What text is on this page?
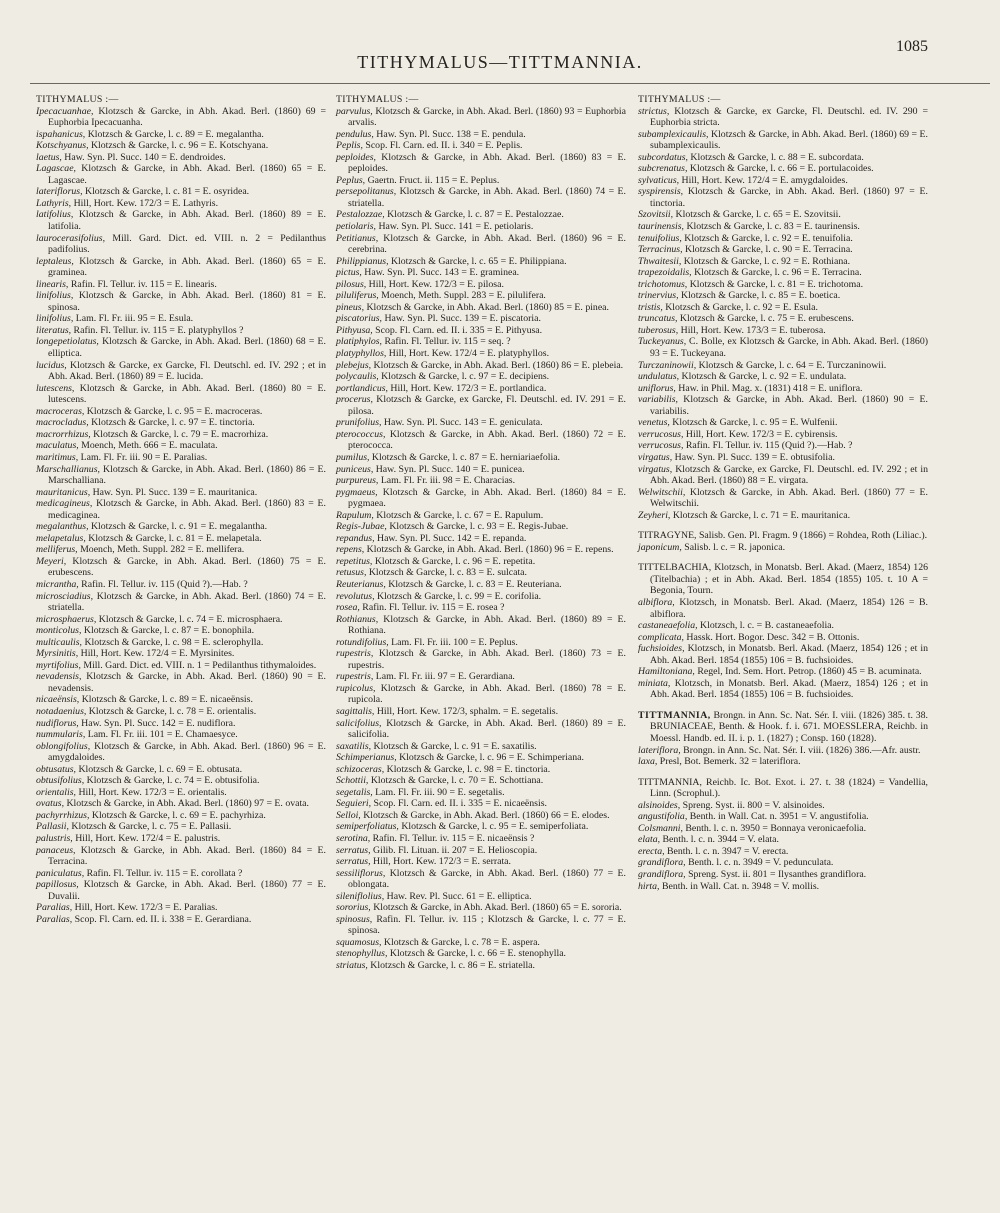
TITHYMALUS—TITTMANNIA.
1085

TITHYMALUS :—

Ipecacuanhae, Klotzsch & Garcke, in Abh. Akad. Berl. (1860) 69 = Euphorbia Ipecacuanha.

ispahanicus, Klotzsch & Garcke, l. c. 89 = E. megalantha.

Kotschyanus, Klotzsch & Garcke, l. c. 96 = E. Kotschyana.

laetus, Haw. Syn. Pl. Succ. 140 = E. dendroides.

Lagascae, Klotzsch & Garcke, in Abh. Akad. Berl. (1860) 65 = E. Lagascae.

lateriflorus, Klotzsch & Garcke, l. c. 81 = E. osyridea.

Lathyris, Hill, Hort. Kew. 172/3 = E. Lathyris.

latifolius, Klotzsch & Garcke, in Abh. Akad. Berl. (1860) 89 = E. latifolia.

laurocerasifolius, Mill. Gard. Dict. ed. VIII. n. 2 = Pedilanthus padifolius.

leptaleus, Klotzsch & Garcke, in Abh. Akad. Berl. (1860) 65 = E. graminea.

linearis, Rafin. Fl. Tellur. iv. 115 = E. linearis.

linifolius, Klotzsch & Garcke, in Abh. Akad. Berl. (1860) 81 = E. spinosa.

linifolius, Lam. Fl. Fr. iii. 95 = E. Esula.

literatus, Rafin. Fl. Tellur. iv. 115 = E. platyphyllos ?

longepetiolatus, Klotzsch & Garcke, in Abh. Akad. Berl. (1860) 68 = E. elliptica.

lucidus, Klotzsch & Garcke, ex Garcke, Fl. Deutschl. ed. IV. 292 ; et in Abh. Akad. Berl. (1860) 89 = E. lucida.

lutescens, Klotzsch & Garcke, in Abh. Akad. Berl. (1860) 80 = E. lutescens.

macroceras, Klotzsch & Garcke, l. c. 95 = E. macroceras.

macrocladus, Klotzsch & Garcke, l. c. 97 = E. tinctoria.

macrorrhizus, Klotzsch & Garcke, l. c. 79 = E. macrorhiza.

maculatus, Moench, Meth. 666 = E. maculata.

maritimus, Lam. Fl. Fr. iii. 90 = E. Paralias.

Marschallianus, Klotzsch & Garcke, in Abh. Akad. Berl. (1860) 86 = E. Marschalliana.

mauritanicus, Haw. Syn. Pl. Succ. 139 = E. mauritanica.

medicagineus, Klotzsch & Garcke, in Abh. Akad. Berl. (1860) 83 = E. medicaginea.

megalanthus, Klotzsch & Garcke, l. c. 91 = E. megalantha.

melapetalus, Klotzsch & Garcke, l. c. 81 = E. melapetala.

melliferus, Moench, Meth. Suppl. 282 = E. mellifera.

Meyeri, Klotzsch & Garcke, in Abh. Akad. Berl. (1860) 75 = E. erubescens.

micrantha, Rafin. Fl. Tellur. iv. 115 (Quid ?).—Hab. ?

microsciadius, Klotzsch & Garcke, in Abh. Akad. Berl. (1860) 74 = E. striatella.

microsphaerus, Klotzsch & Garcke, l. c. 74 = E. microsphaera.

monticolus, Klotzsch & Garcke, l. c. 87 = E. bonophila.

multicaulis, Klotzsch & Garcke, l. c. 98 = E. sclerophylla.

Myrsinitis, Hill, Hort. Kew. 172/4 = E. Myrsinites.

myrtifolius, Mill. Gard. Dict. ed. VIII. n. 1 = Pedilanthus tithymaloides.

nevadensis, Klotzsch & Garcke, in Abh. Akad. Berl. (1860) 90 = E. nevadensis.

nicaeënsis, Klotzsch & Garcke, l. c. 89 = E. nicaeënsis.

notadaenius, Klotzsch & Garcke, l. c. 78 = E. orientalis.

nudiflorus, Haw. Syn. Pl. Succ. 142 = E. nudiflora.

nummularis, Lam. Fl. Fr. iii. 101 = E. Chamaesyce.

oblongifolius, Klotzsch & Garcke, in Abh. Akad. Berl. (1860) 96 = E. amygdaloides.

obtusatus, Klotzsch & Garcke, l. c. 69 = E. obtusata.

obtusifolius, Klotzsch & Garcke, l. c. 74 = E. obtusifolia.

orientalis, Hill, Hort. Kew. 172/3 = E. orientalis.

ovatus, Klotzsch & Garcke, in Abh. Akad. Berl. (1860) 97 = E. ovata.

pachyrrhizus, Klotzsch & Garcke, l. c. 69 = E. pachyrhiza.

Pallasii, Klotzsch & Garcke, l. c. 75 = E. Pallasii.

palustris, Hill, Hort. Kew. 172/4 = E. palustris.

panaceus, Klotzsch & Garcke, in Abh. Akad. Berl. (1860) 84 = E. Terracina.

paniculatus, Rafin. Fl. Tellur. iv. 115 = E. corollata ?

papillosus, Klotzsch & Garcke, in Abh. Akad. Berl. (1860) 77 = E. Duvalii.

Paralias, Hill, Hort. Kew. 172/3 = E. Paralias.

Paralias, Scop. Fl. Carn. ed. II. i. 338 = E. Gerardiana.

TITHYMALUS :—

parvulus, Klotzsch & Garcke, in Abh. Akad. Berl. (1860) 93 = Euphorbia arvalis.

pendulus, Haw. Syn. Pl. Succ. 138 = E. pendula.

Peplis, Scop. Fl. Carn. ed. II. i. 340 = E. Peplis.

peploides, Klotzsch & Garcke, in Abh. Akad. Berl. (1860) 83 = E. peploides.

Peplus, Gaertn. Fruct. ii. 115 = E. Peplus.

persepolitanus, Klotzsch & Garcke, in Abh. Akad. Berl. (1860) 74 = E. striatella.

Pestalozzae, Klotzsch & Garcke, l. c. 87 = E. Pestalozzae.

petiolaris, Haw. Syn. Pl. Succ. 141 = E. petiolaris.

Petitianus, Klotzsch & Garcke, in Abh. Akad. Berl. (1860) 96 = E. cerebrina.

Philippianus, Klotzsch & Garcke, l. c. 65 = E. Philippiana.

pictus, Haw. Syn. Pl. Succ. 143 = E. graminea.

pilosus, Hill, Hort. Kew. 172/3 = E. pilosa.

piluliferus, Moench, Meth. Suppl. 283 = E. pilulifera.

pineus, Klotzsch & Garcke, in Abh. Akad. Berl. (1860) 85 = E. pinea.

piscatorius, Haw. Syn. Pl. Succ. 139 = E. piscatoria.

Pithyusa, Scop. Fl. Carn. ed. II. i. 335 = E. Pithyusa.

platiphylos, Rafin. Fl. Tellur. iv. 115 = seq. ?

platyphyllos, Hill, Hort. Kew. 172/4 = E. platyphyllos.

plebejus, Klotzsch & Garcke, in Abh. Akad. Berl. (1860) 86 = E. plebeia.

polycaulis, Klotzsch & Garcke, l. c. 97 = E. decipiens.

portlandicus, Hill, Hort. Kew. 172/3 = E. portlandica.

procerus, Klotzsch & Garcke, ex Garcke, Fl. Deutschl. ed. IV. 291 = E. pilosa.

prunifolius, Haw. Syn. Pl. Succ. 143 = E. geniculata.

pterococcus, Klotzsch & Garcke, in Abh. Akad. Berl. (1860) 72 = E. pterococca.

pumilus, Klotzsch & Garcke, l. c. 87 = E. herniariaefolia.

puniceus, Haw. Syn. Pl. Succ. 140 = E. punicea.

purpureus, Lam. Fl. Fr. iii. 98 = E. Characias.

pygmaeus, Klotzsch & Garcke, in Abh. Akad. Berl. (1860) 84 = E. pygmaea.

Rapulum, Klotzsch & Garcke, l. c. 67 = E. Rapulum.

Regis-Jubae, Klotzsch & Garcke, l. c. 93 = E. Regis-Jubae.

repandus, Haw. Syn. Pl. Succ. 142 = E. repanda.

repens, Klotzsch & Garcke, in Abh. Akad. Berl. (1860) 96 = E. repens.

repetitus, Klotzsch & Garcke, l. c. 96 = E. repetita.

retusus, Klotzsch & Garcke, l. c. 83 = E. sulcata.

Reuterianus, Klotzsch & Garcke, l. c. 83 = E. Reuteriana.

revolutus, Klotzsch & Garcke, l. c. 99 = E. corifolia.

rosea, Rafin. Fl. Tellur. iv. 115 = E. rosea ?

Rothianus, Klotzsch & Garcke, in Abh. Akad. Berl. (1860) 89 = E. Rothiana.

rotundifolius, Lam. Fl. Fr. iii. 100 = E. Peplus.

rupestris, Klotzsch & Garcke, in Abh. Akad. Berl. (1860) 73 = E. rupestris.

rupestris, Lam. Fl. Fr. iii. 97 = E. Gerardiana.

rupicolus, Klotzsch & Garcke, in Abh. Akad. Berl. (1860) 78 = E. rupicola.

sagittalis, Hill, Hort. Kew. 172/3, sphalm. = E. segetalis.

salicifolius, Klotzsch & Garcke, in Abh. Akad. Berl. (1860) 89 = E. salicifolia.

saxatilis, Klotzsch & Garcke, l. c. 91 = E. saxatilis.

Schimperianus, Klotzsch & Garcke, l. c. 96 = E. Schimperiana.

schizoceras, Klotzsch & Garcke, l. c. 98 = E. tinctoria.

Schottii, Klotzsch & Garcke, l. c. 70 = E. Schottiana.

segetalis, Lam. Fl. Fr. iii. 90 = E. segetalis.

Seguieri, Scop. Fl. Carn. ed. II. i. 335 = E. nicaeënsis.

Selloi, Klotzsch & Garcke, in Abh. Akad. Berl. (1860) 66 = E. elodes.

semiperfoliatus, Klotzsch & Garcke, l. c. 95 = E. semiperfoliata.

serotina, Rafin. Fl. Tellur. iv. 115 = E. nicaeënsis ?

serratus, Gilib. Fl. Lituan. ii. 207 = E. Helioscopia.

serratus, Hill, Hort. Kew. 172/3 = E. serrata.

sessiliflorus, Klotzsch & Garcke, in Abh. Akad. Berl. (1860) 77 = E. oblongata.

sileniflolius, Haw. Rev. Pl. Succ. 61 = E. elliptica.

sororius, Klotzsch & Garcke, in Abh. Akad. Berl. (1860) 65 = E. sororia.

spinosus, Rafin. Fl. Tellur. iv. 115 ; Klotzsch & Garcke, l. c. 77 = E. spinosa.

squamosus, Klotzsch & Garcke, l. c. 78 = E. aspera.

stenophyllus, Klotzsch & Garcke, l. c. 66 = E. stenophylla.

striatus, Klotzsch & Garcke, l. c. 86 = E. striatella.

TITHYMALUS :—

strictus, Klotzsch & Garcke, ex Garcke, Fl. Deutschl. ed. IV. 290 = Euphorbia stricta.

subamplexicaulis, Klotzsch & Garcke, in Abh. Akad. Berl. (1860) 69 = E. subamplexicaulis.

subcordatus, Klotzsch & Garcke, l. c. 88 = E. subcordata.

subcrenatus, Klotzsch & Garcke, l. c. 66 = E. portulacoides.

sylvaticus, Hill, Hort. Kew. 172/4 = E. amygdaloides.

syspirensis, Klotzsch & Garcke, in Abh. Akad. Berl. (1860) 97 = E. tinctoria.

Szovitsii, Klotzsch & Garcke, l. c. 65 = E. Szovitsii.

taurinensis, Klotzsch & Garcke, l. c. 83 = E. taurinensis.

tenuifolius, Klotzsch & Garcke, l. c. 92 = E. tenuifolia.

Terracinus, Klotzsch & Garcke, l. c. 90 = E. Terracina.

Thwaitesii, Klotzsch & Garcke, l. c. 92 = E. Rothiana.

trapezoidalis, Klotzsch & Garcke, l. c. 96 = E. Terracina.

trichotomus, Klotzsch & Garcke, l. c. 81 = E. trichotoma.

trinervius, Klotzsch & Garcke, l. c. 85 = E. boetica.

tristis, Klotzsch & Garcke, l. c. 92 = E. Esula.

truncatus, Klotzsch & Garcke, l. c. 75 = E. erubescens.

tuberosus, Hill, Hort. Kew. 173/3 = E. tuberosa.

Tuckeyanus, C. Bolle, ex Klotzsch & Garcke, in Abh. Akad. Berl. (1860) 93 = E. Tuckeyana.

Turczaninowii, Klotzsch & Garcke, l. c. 64 = E. Turczaninowii.

undulatus, Klotzsch & Garcke, l. c. 92 = E. undulata.

uniflorus, Haw. in Phil. Mag. x. (1831) 418 = E. uniflora.

variabilis, Klotzsch & Garcke, in Abh. Akad. Berl. (1860) 90 = E. variabilis.

venetus, Klotzsch & Garcke, l. c. 95 = E. Wulfenii.

verrucosus, Hill, Hort. Kew. 172/3 = E. cybirensis.

verrucosus, Rafin. Fl. Tellur. iv. 115 (Quid ?).—Hab. ?

virgatus, Haw. Syn. Pl. Succ. 139 = E. obtusifolia.

virgatus, Klotzsch & Garcke, ex Garcke, Fl. Deutschl. ed. IV. 292 ; et in Abh. Akad. Berl. (1860) 88 = E. virgata.

Welwitschii, Klotzsch & Garcke, in Abh. Akad. Berl. (1860) 77 = E. Welwitschii.

Zeyheri, Klotzsch & Garcke, l. c. 71 = E. mauritanica.

TITRAGYNE, Salisb. Gen. Pl. Fragm. 9 (1866) = Rohdea, Roth (Liliac.).

japonicum, Salisb. l. c. = R. japonica.

TITTELBACHIA, Klotzsch, in Monatsb. Berl. Akad. (Maerz, 1854) 126 (Titelbachia) ; et in Abh. Akad. Berl. 1854 (1855) 105. t. 10 A = Begonia, Tourn.

albiflora, Klotzsch, in Monatsb. Berl. Akad. (Maerz, 1854) 126 = B. albiflora.

castaneaefolia, Klotzsch, l. c. = B. castaneaefolia.

complicata, Hassk. Hort. Bogor. Desc. 342 = B. Ottonis.

fuchsioides, Klotzsch, in Monatsb. Berl. Akad. (Maerz, 1854) 126 ; et in Abh. Akad. Berl. 1854 (1855) 106 = B. fuchsioides.

Hamiltoniana, Regel, Ind. Sem. Hort. Petrop. (1860) 45 = B. acuminata.

miniata, Klotzsch, in Monatsb. Berl. Akad. (Maerz, 1854) 126 ; et in Abh. Akad. Berl. 1854 (1855) 106 = B. fuchsioides.

TITTMANNIA, Brongn. in Ann. Sc. Nat. Sér. I. viii. (1826) 385. t. 38. BRUNIACEAE, Benth. & Hook. f. i. 671. MOESSLERA, Reichb. in Moessl. Handb. ed. II. i. p. 1. (1827) ; Consp. 160 (1828).

lateriflora, Brongn. in Ann. Sc. Nat. Sér. I. viii. (1826) 386.—Afr. austr.

laxa, Presl, Bot. Bemerk. 32 = lateriflora.

TITTMANNIA, Reichb. Ic. Bot. Exot. i. 27. t. 38 (1824) = Vandellia, Linn. (Scrophul.).

alsinoides, Spreng. Syst. ii. 800 = V. alsinoides.

angustifolia, Benth. in Wall. Cat. n. 3951 = V. angustifolia.

Colsmanni, Benth. l. c. n. 3950 = Bonnaya veronicaefolia.

elata, Benth. l. c. n. 3944 = V. elata.

erecta, Benth. l. c. n. 3947 = V. erecta.

grandiflora, Benth. l. c. n. 3949 = V. pedunculata.

grandiflora, Spreng. Syst. ii. 801 = Ilysanthes grandiflora.

hirta, Benth. in Wall. Cat. n. 3948 = V. mollis.
